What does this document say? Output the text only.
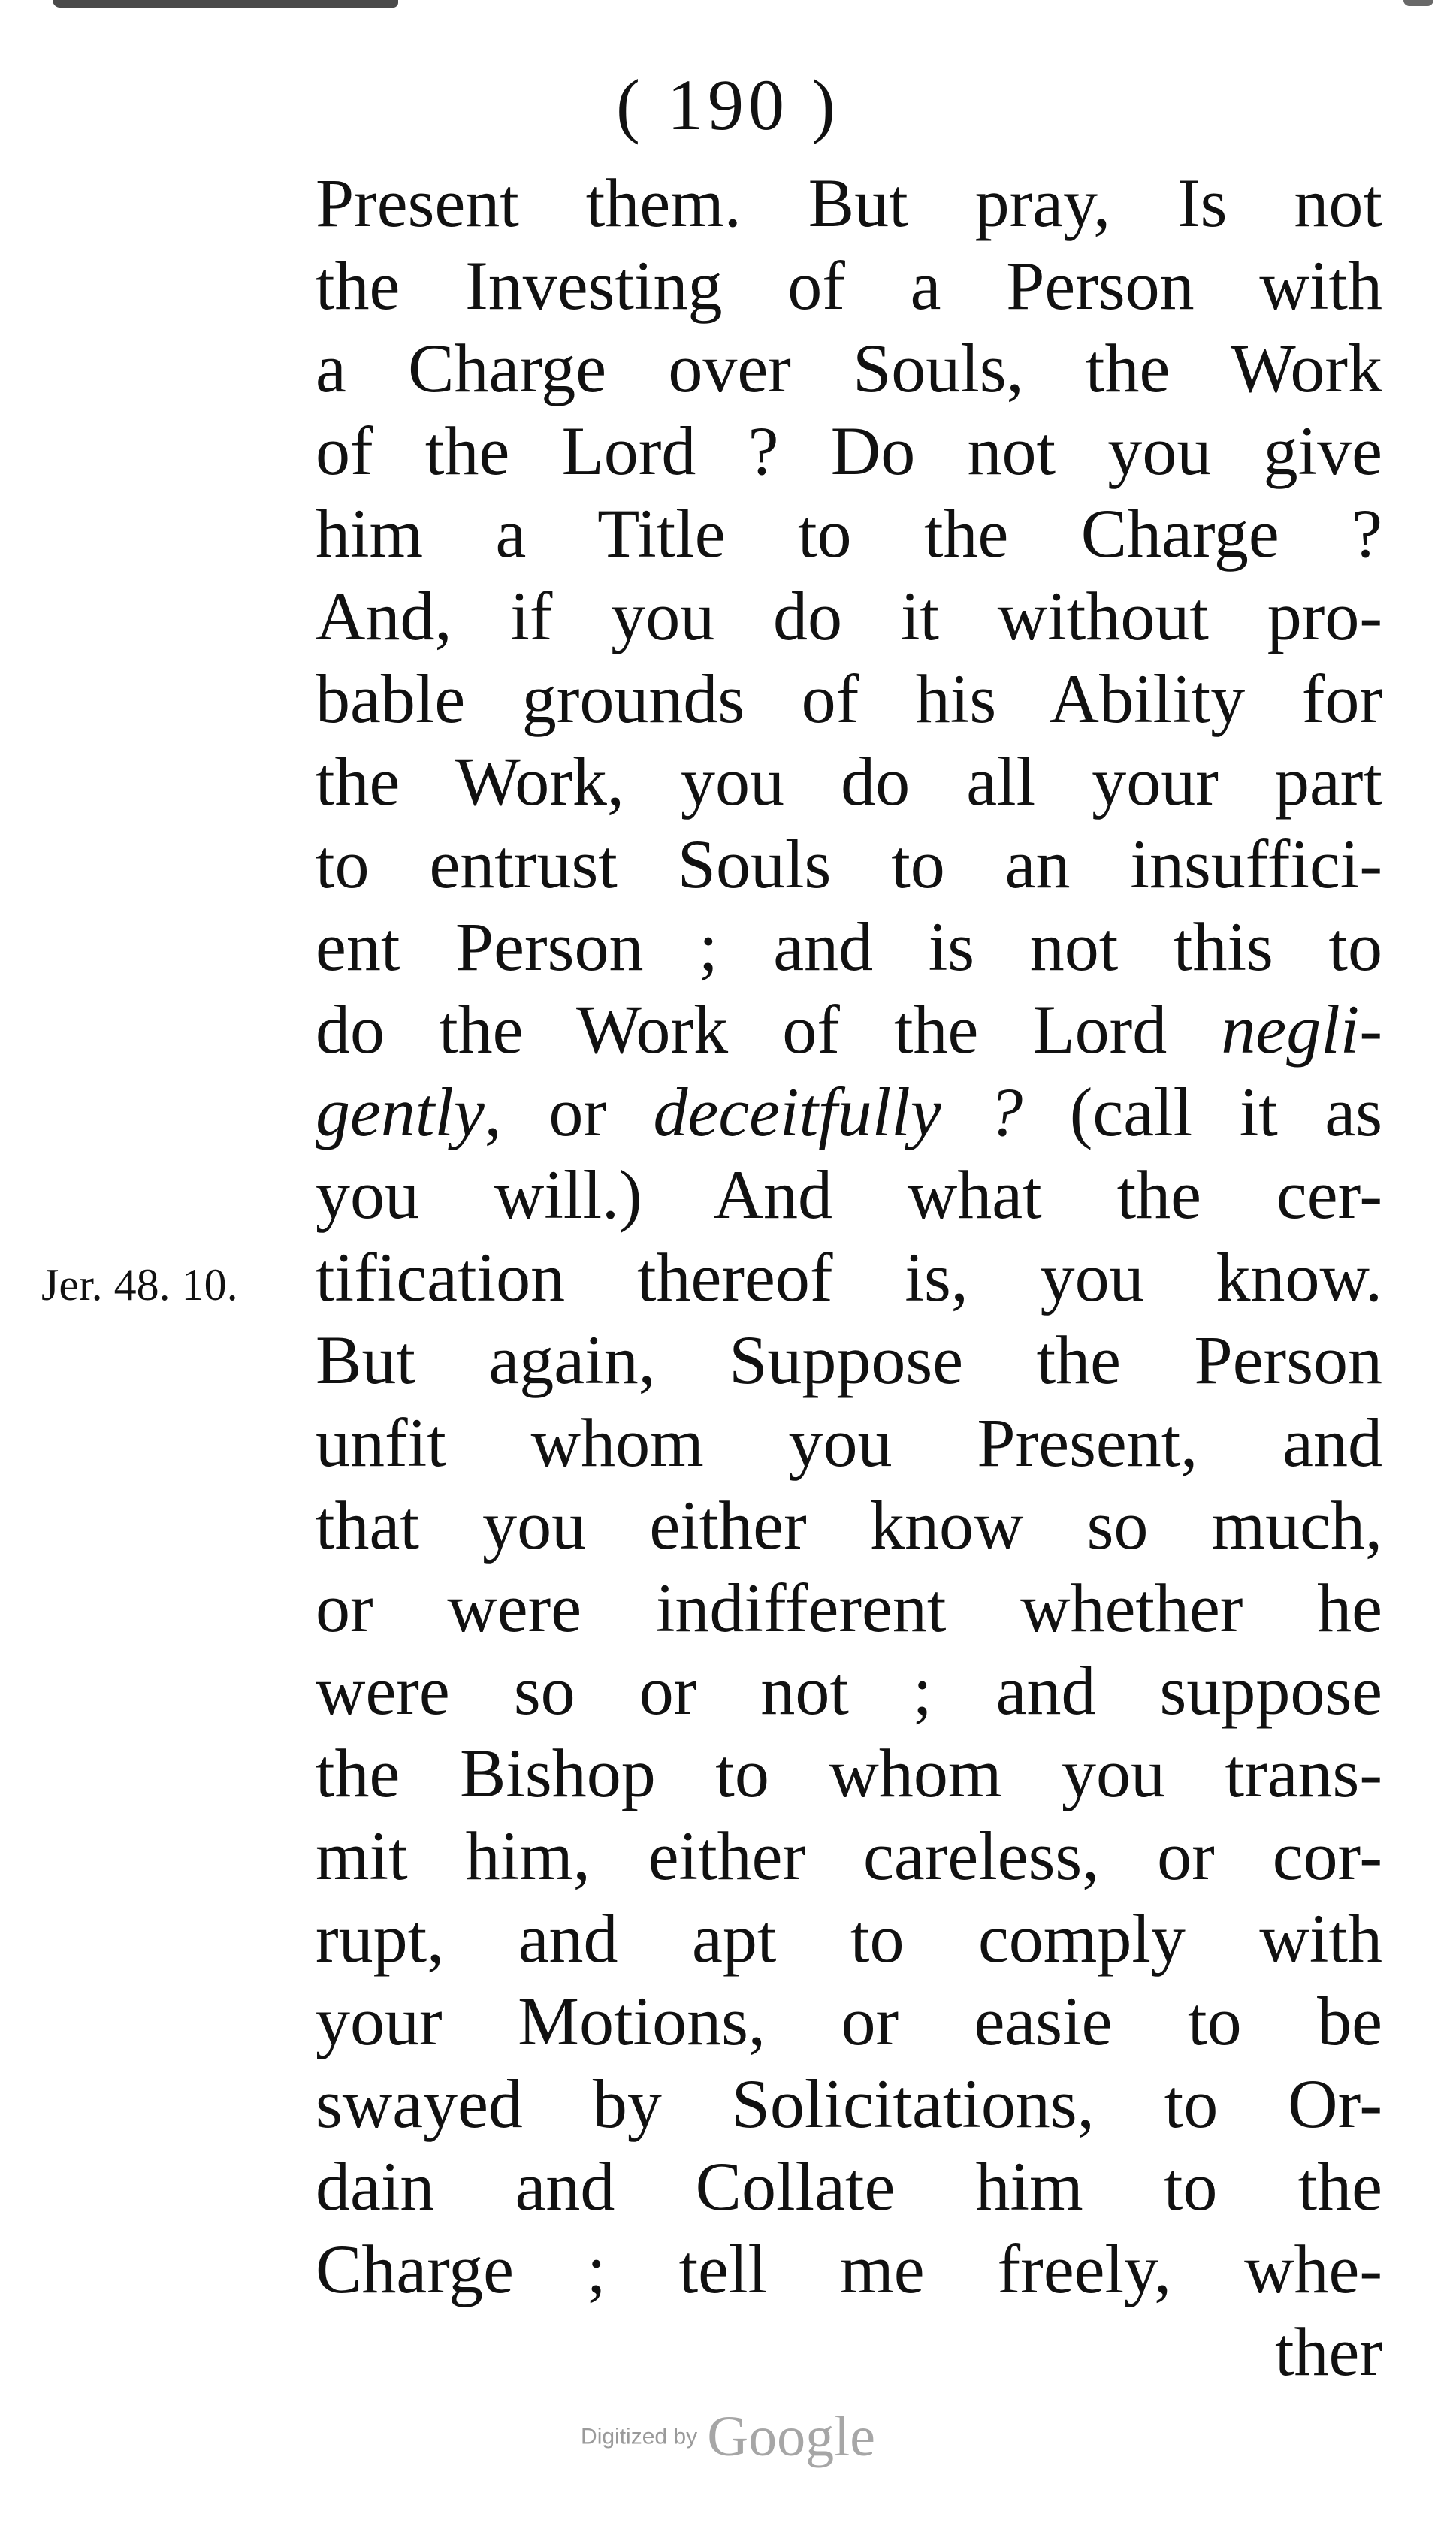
( 190 )
Jer. 48. 10.
Present them. But pray, Is not
the Investing of a Person with
a Charge over Souls, the Work
of the Lord ? Do not you give
him a Title to the Charge ?
And, if you do it without pro-
bable grounds of his Ability for
the Work, you do all your part
to entrust Souls to an insuffici-
ent Person ; and is not this to
do the Work of the Lord negli-
gently, or deceitfully ? (call it as
you will.) And what the cer-
tification thereof is, you know.
But again, Suppose the Person
unfit whom you Present, and
that you either know so much,
or were indifferent whether he
were so or not ; and suppose
the Bishop to whom you trans-
mit him, either careless, or cor-
rupt, and apt to comply with
your Motions, or easie to be
swayed by Solicitations, to Or-
dain and Collate him to the
Charge ; tell me freely, whe-
ther
Digitized by Google
